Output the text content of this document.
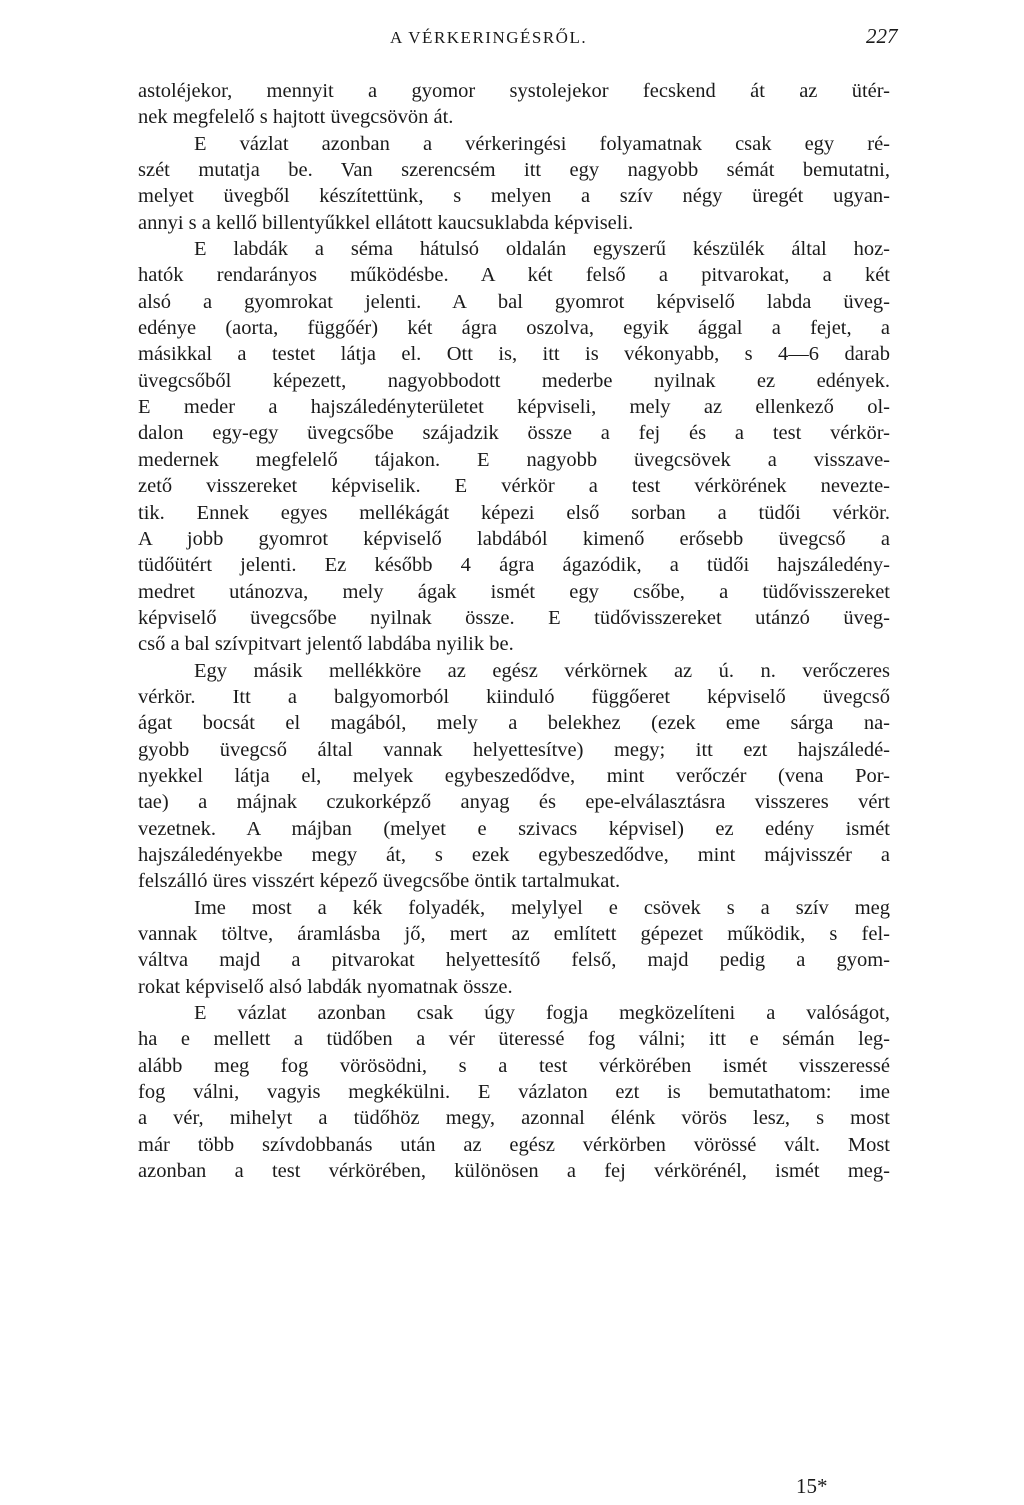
A VÉRKERINGÉSRŐL.	227
astoléjekor, mennyit a gyomor systolejekor fecskend át az ütér-
nek megfelelő s hajtott üvegcsövön át.
E vázlat azonban a vérkeringési folyamatnak csak egy ré-
szét mutatja be. Van szerencsém itt egy nagyobb sémát bemutatni,
melyet üvegből készítettünk, s melyen a szív négy üregét ugyan-
annyi s a kellő billentyűkkel ellátott kaucsuklabda képviseli.
E labdák a séma hátulsó oldalán egyszerű készülék által hoz-
hatók rendarányos működésbe. A két felső a pitvarokat, a két
alsó a gyomrokat jelenti. A bal gyomrot képviselő labda üveg-
edénye (aorta, függőér) két ágra oszolva, egyik ággal a fejet, a
másikkal a testet látja el. Ott is, itt is vékonyabb, s 4—6 darab
üvegcsőből képezett, nagyobbodott mederbe nyilnak ez edények.
E meder a hajszáledényterületet képviseli, mely az ellenkező ol-
dalon egy-egy üvegcsőbe szájadzik össze a fej és a test vérkör-
medernek megfelelő tájakon. E nagyobb üvegcsövek a visszave-
zető visszereket képviselik. E vérkör a test vérkörének nevezte-
tik. Ennek egyes mellékágát képezi első sorban a tüdői vérkör.
A jobb gyomrot képviselő labdából kimenő erősebb üvegcső a
tüdőütért jelenti. Ez később 4 ágra ágazódik, a tüdői hajszáledény-
medret utánozva, mely ágak ismét egy csőbe, a tüdővisszereket
képviselő üvegcsőbe nyilnak össze. E tüdővisszereket utánzó üveg-
cső a bal szívpitvart jelentő labdába nyilik be.
Egy másik mellékköre az egész vérkörnek az ú. n. verőczeres
vérkör. Itt a balgyomorból kiinduló függőeret képviselő üvegcső
ágat bocsát el magából, mely a belekhez (ezek eme sárga na-
gyobb üvegcső által vannak helyettesítve) megy; itt ezt hajszáledé-
nyekkel látja el, melyek egybeszedődve, mint verőczér (vena Por-
tae) a májnak czukorképző anyag és epe-elválasztásra visszeres vért
vezetnek. A májban (melyet e szivacs képvisel) ez edény ismét
hajszáledényekbe megy át, s ezek egybeszedődve, mint májvisszér a
felszálló üres visszért képező üvegcsőbe öntik tartalmukat.
Ime most a kék folyadék, melylyel e csövek s a szív meg
vannak töltve, áramlásba jő, mert az említett gépezet működik, s fel-
váltva majd a pitvarokat helyettesítő felső, majd pedig a gyom-
rokat képviselő alsó labdák nyomatnak össze.
E vázlat azonban csak úgy fogja megközelíteni a valóságot,
ha e mellett a tüdőben a vér üteressé fog válni; itt e sémán leg-
alább meg fog vörösödni, s a test vérkörében ismét visszeressé
fog válni, vagyis megkékülni. E vázlaton ezt is bemutathatom: ime
a vér, mihelyt a tüdőhöz megy, azonnal élénk vörös lesz, s most
már több szívdobbanás után az egész vérkörben vörössé vált. Most
azonban a test vérkörében, különösen a fej vérkörénél, ismét meg-
15*
